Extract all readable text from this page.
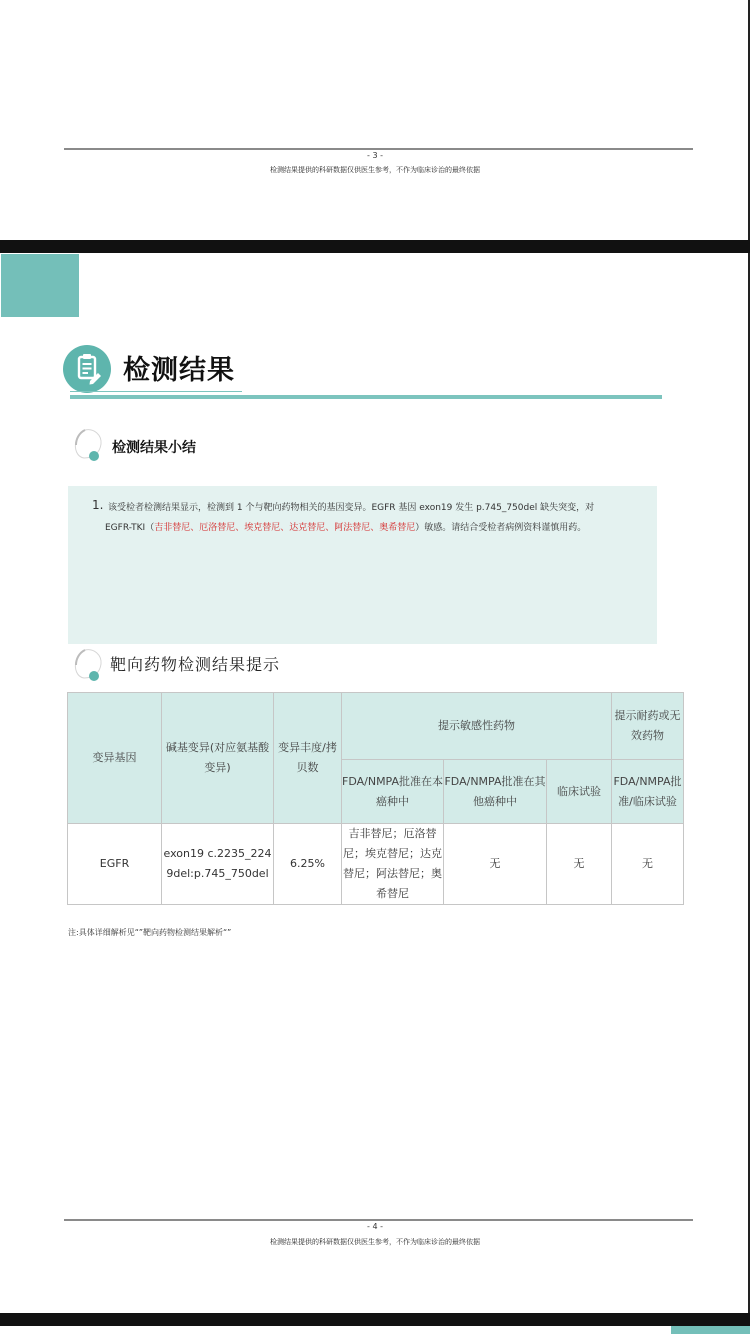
- 3 -
检测结果提供的科研数据仅供医生参考，不作为临床诊治的最终依据
检测结果
检测结果小结
1. 该受检者检测结果显示，检测到 1 个与靶向药物相关的基因变异。EGFR 基因 exon19 发生 p.745_750del 缺失突变，对
EGFR-TKI（吉非替尼、厄洛替尼、埃克替尼、达克替尼、阿法替尼、奥希替尼）敏感。请结合受检者病例资料谨慎用药。
靶向药物检测结果提示
变异基因	碱基变异(对应氨基酸变异)	变异丰度/拷贝数	提示敏感性药物			提示耐药或无效药物
			FDA/NMPA批准在本癌种中	FDA/NMPA批准在其他癌种中	临床试验	FDA/NMPA批准/临床试验
EGFR	exon19 c.2235_2249del:p.745_750del	6.25%	吉非替尼；厄洛替尼；埃克替尼；达克替尼；阿法替尼；奥希替尼	无	无	无
注:具体详细解析见“”靶向药物检测结果解析“”
- 4 -
检测结果提供的科研数据仅供医生参考，不作为临床诊治的最终依据
